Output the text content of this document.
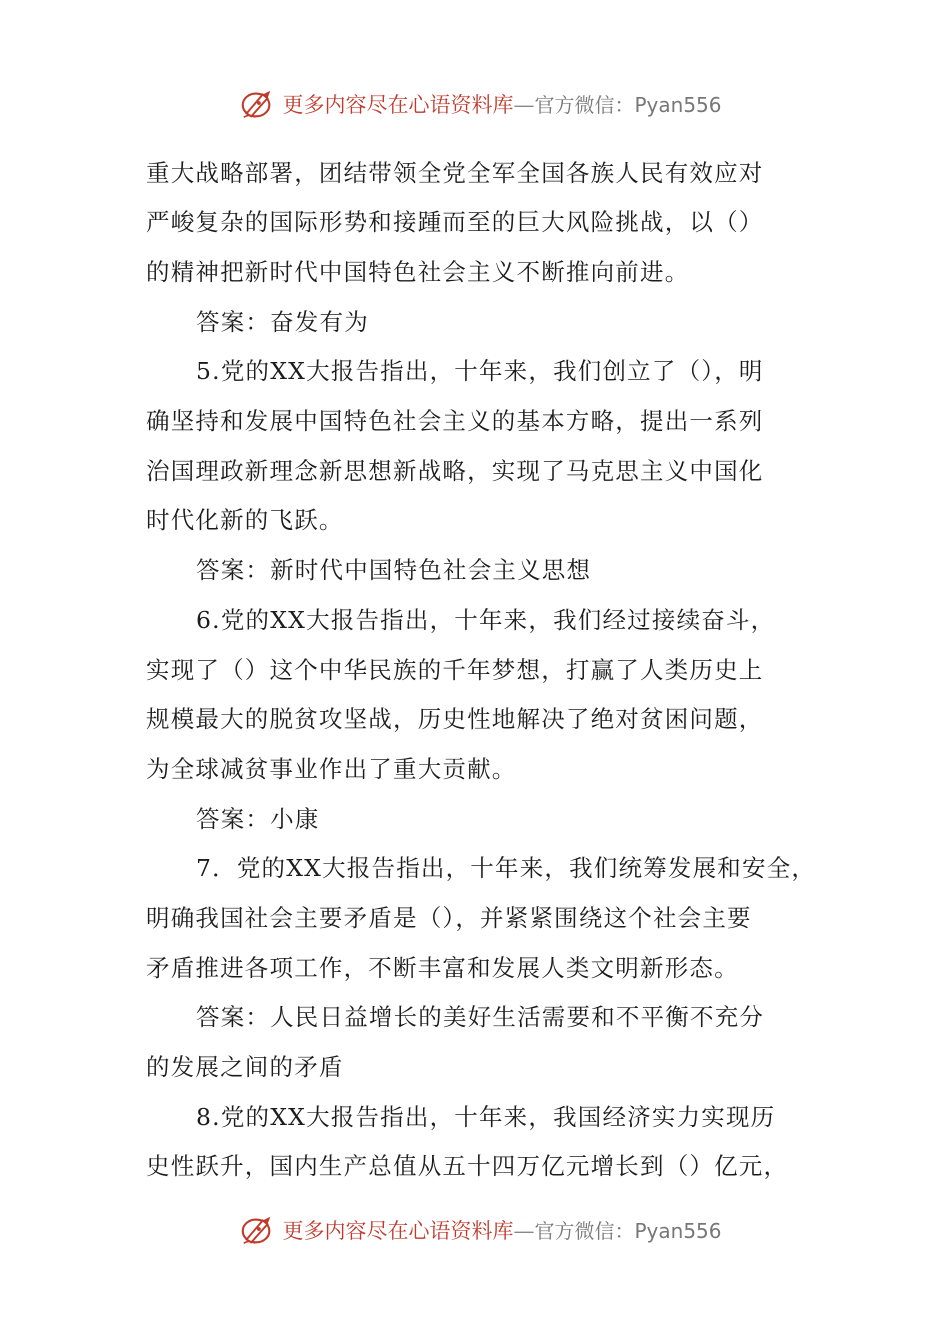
更多内容尽在心语资料库—官方微信：Pyan556
重大战略部署，团结带领全党全军全国各族人民有效应对
严峻复杂的国际形势和接踵而至的巨大风险挑战，以（）
的精神把新时代中国特色社会主义不断推向前进。
答案：奋发有为
5.党的XX大报告指出，十年来，我们创立了（），明
确坚持和发展中国特色社会主义的基本方略，提出一系列
治国理政新理念新思想新战略，实现了马克思主义中国化
时代化新的飞跃。
答案：新时代中国特色社会主义思想
6.党的XX大报告指出，十年来，我们经过接续奋斗，
实现了（）这个中华民族的千年梦想，打赢了人类历史上
规模最大的脱贫攻坚战，历史性地解决了绝对贫困问题，
为全球减贫事业作出了重大贡献。
答案：小康
7．党的XX大报告指出，十年来，我们统筹发展和安全，
明确我国社会主要矛盾是（），并紧紧围绕这个社会主要
矛盾推进各项工作，不断丰富和发展人类文明新形态。
答案：人民日益增长的美好生活需要和不平衡不充分
的发展之间的矛盾
8.党的XX大报告指出，十年来，我国经济实力实现历
史性跃升，国内生产总值从五十四万亿元增长到（）亿元，
更多内容尽在心语资料库—官方微信：Pyan556
